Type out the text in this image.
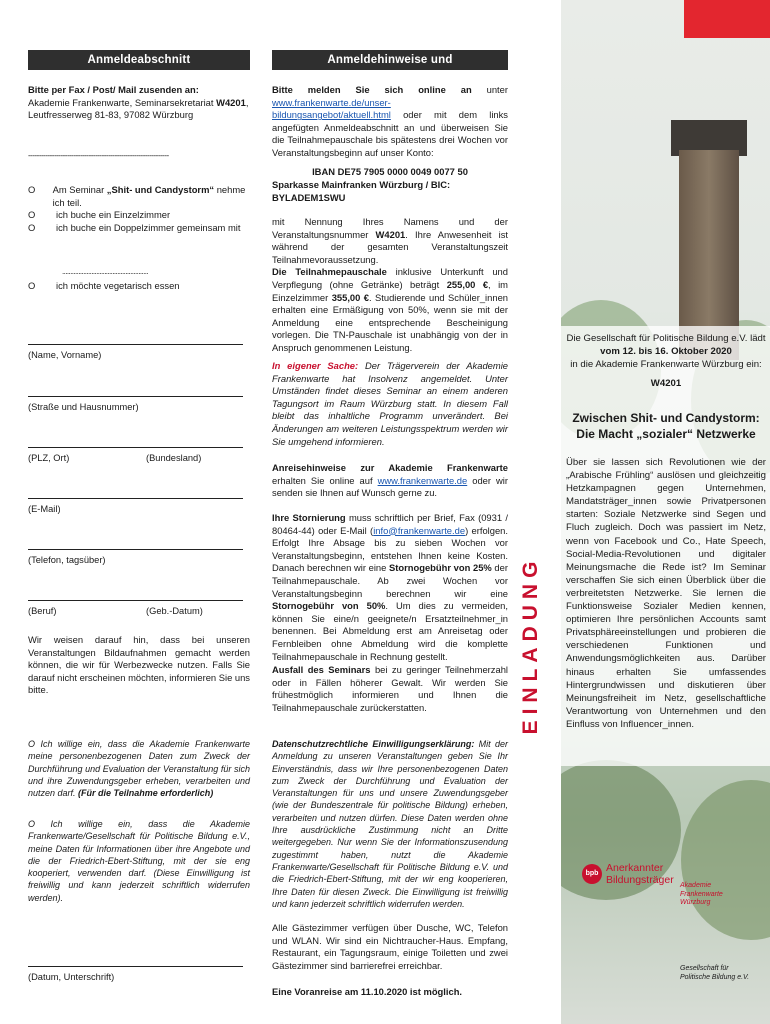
Anmeldeabschnitt
Bitte per Fax / Post/ Mail zusenden an:
Akademie Frankenwarte, Seminarsekretariat W4201,
Leutfresserweg 81-83, 97082 Würzburg
-----------------------------------------------------------------
O	Am Seminar „Shit- und Candystorm“ nehme ich teil.
O	ich buche ein Einzelzimmer
O	ich buche ein Doppelzimmer gemeinsam mit
.....................................................
O	ich möchte vegetarisch essen
(Name, Vorname)
(Straße und Hausnummer)
(PLZ, Ort)	(Bundesland)
(E-Mail)
(Telefon, tagsüber)
(Beruf)	(Geb.-Datum)
Wir weisen darauf hin, dass bei unseren Veranstaltungen Bildaufnahmen gemacht werden können, die wir für Werbezwecke nutzen. Falls Sie darauf nicht erscheinen möchten, informieren Sie uns bitte.
O Ich willige ein, dass die Akademie Frankenwarte meine personenbezogenen Daten zum Zweck der Durchführung und Evaluation der Veranstaltung für sich und ihre Zuwendungsgeber erheben, verarbeiten und nutzen darf. (Für die Teilnahme erforderlich)
O Ich willige ein, dass die Akademie Frankenwarte/Gesellschaft für Politische Bildung e.V., meine Daten für Informationen über ihre Angebote und die der Friedrich-Ebert-Stiftung, mit der sie eng kooperiert, verwenden darf. (Diese Einwilligung ist freiwillig und kann jederzeit schriftlich widerrufen werden).
(Datum, Unterschrift)
Anmeldehinweise und Teilnahmebedingungen
Bitte melden Sie sich online an unter www.frankenwarte.de/unser-bildungsangebot/aktuell.html oder mit dem links angefügten Anmeldeabschnitt an und überweisen Sie die Teilnahmepauschale bis spätestens drei Wochen vor Veranstaltungsbeginn auf unser Konto:
IBAN DE75 7905 0000 0049 0077 50
Sparkasse Mainfranken Würzburg / BIC: BYLADEM1SWU
mit Nennung Ihres Namens und der Veranstaltungsnummer W4201. Ihre Anwesenheit ist während der gesamten Veranstaltungszeit Teilnahmevoraussetzung.
Die Teilnahmepauschale inklusive Unterkunft und Verpflegung (ohne Getränke) beträgt 255,00 €, im Einzelzimmer 355,00 €. Studierende und Schüler_innen erhalten eine Ermäßigung von 50%, wenn sie mit der Anmeldung eine entsprechende Bescheinigung vorlegen. Die TN-Pauschale ist unabhängig von der in Anspruch genommenen Leistung.
In eigener Sache: Der Trägerverein der Akademie Frankenwarte hat Insolvenz angemeldet. Unter Umständen findet dieses Seminar an einem anderen Tagungsort im Raum Würzburg statt. In diesem Fall bleibt das inhaltliche Programm unverändert. Bei Änderungen am weiteren Leistungsspektrum werden wir Sie umgehend informieren.
Anreisehinweise zur Akademie Frankenwarte erhalten Sie online auf www.frankenwarte.de oder wir senden sie Ihnen auf Wunsch gerne zu.
Ihre Stornierung muss schriftlich per Brief, Fax (0931 / 80464-44) oder E-Mail (info@frankenwarte.de) erfolgen. Erfolgt Ihre Absage bis zu sieben Wochen vor Veranstaltungsbeginn, entstehen Ihnen keine Kosten. Danach berechnen wir eine Stornogebühr von 25% der Teilnahmepauschale. Ab zwei Wochen vor Veranstaltungsbeginn berechnen wir eine Stornogebühr von 50%. Um dies zu vermeiden, können Sie eine/n geeignete/n Ersatzteilnehmer_in benennen. Bei Abmeldung erst am Anreisetag oder Fernbleiben ohne Abmeldung wird die komplette Teilnahmepauschale in Rechnung gestellt.
Ausfall des Seminars bei zu geringer Teilnehmerzahl oder in Fällen höherer Gewalt. Wir werden Sie frühestmöglich informieren und Ihnen die Teilnahmepauschale zurückerstatten.
Datenschutzrechtliche Einwilligungserklärung: Mit der Anmeldung zu unseren Veranstaltungen geben Sie Ihr Einverständnis, dass wir Ihre personenbezogenen Daten zum Zweck der Durchführung und Evaluation der Veranstaltungen für uns und unsere Zuwendungsgeber (wie der Bundeszentrale für politische Bildung) erheben, verarbeiten und nutzen dürfen. Diese Daten werden ohne Ihre ausdrückliche Zustimmung nicht an Dritte weitergegeben. Nur wenn Sie der Informationszusendung zugestimmt haben, nutzt die Akademie Frankenwarte/Gesellschaft für Politische Bildung e.V. und die Friedrich-Ebert-Stiftung, mit der wir eng kooperieren, Ihre Daten für diesen Zweck. Die Einwilligung ist freiwillig und kann jederzeit schriftlich widerrufen werden.
Alle Gästezimmer verfügen über Dusche, WC, Telefon und WLAN. Wir sind ein Nichtraucher-Haus. Empfang, Restaurant, ein Tagungsraum, einige Toiletten und zwei Gästezimmer sind barrierefrei erreichbar.
Eine Voranreise am 11.10.2020 ist möglich.
EINLADUNG
Die Gesellschaft für Politische Bildung e.V. lädt
vom 12. bis 16. Oktober 2020
in die Akademie Frankenwarte Würzburg ein:
W4201
Zwischen Shit- und Candystorm:
Die Macht „sozialer“ Netzwerke
Über sie lassen sich Revolutionen wie der „Arabische Frühling“ auslösen und gleichzeitig Hetzkampagnen gegen Unternehmen, Mandatsträger_innen sowie Privatpersonen starten: Soziale Netzwerke sind Segen und Fluch zugleich. Doch was passiert im Netz, wenn von Facebook und Co., Hate Speech, Social-Media-Revolutionen und digitaler Meinungsmache die Rede ist? Im Seminar verschaffen Sie sich einen Überblick über die verbreitetsten Netzwerke. Sie lernen die Funktionsweise Sozialer Medien kennen, optimieren Ihre persönlichen Accounts samt Privatsphäreeinstellungen und probieren die verschiedenen Funktionen und Anwendungsmöglichkeiten aus. Darüber hinaus erhalten Sie umfassendes Hintergrundwissen und diskutieren über Meinungsfreiheit im Netz, gesellschaftliche Verantwortung von Unternehmen und den Einfluss von Influencer_innen.
bpb Anerkannter
Bildungsträger Akademie
Frankenwarte
Würzburg
Gesellschaft für
Politische Bildung e.V.
